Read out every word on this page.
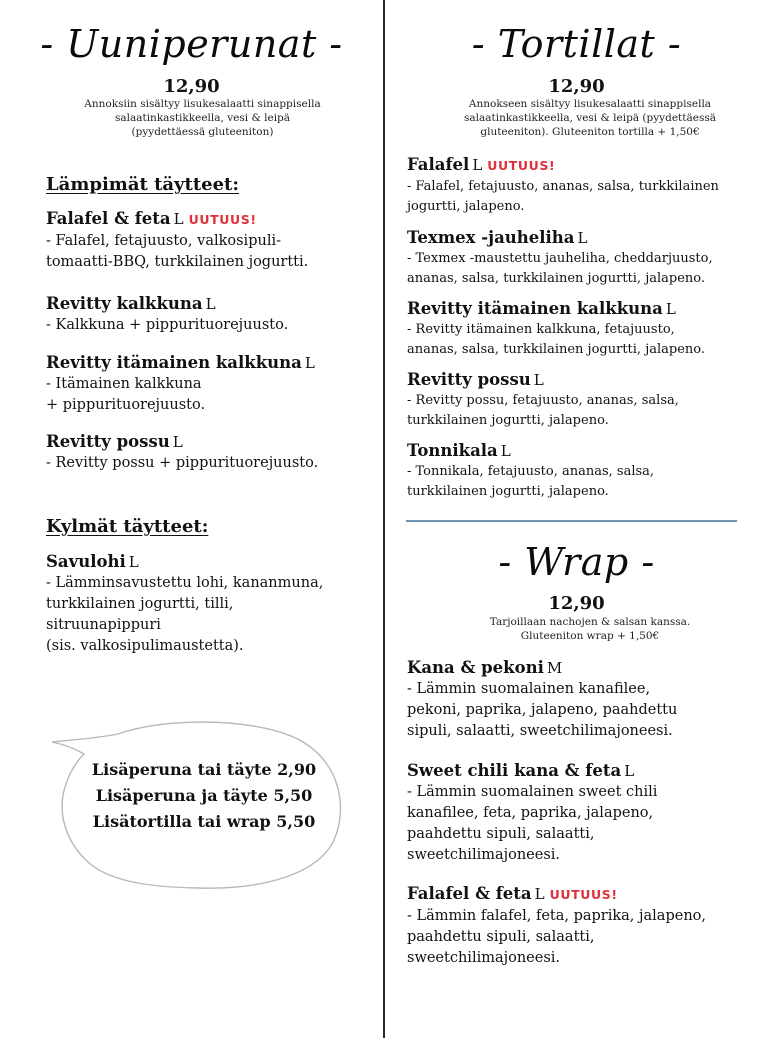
- Uuniperunat -
12,90
Annoksiin sisältyy lisukesalaatti sinappisella
salaatinkastikkeella, vesi & leipä
(pyydettäessä gluteeniton)
Lämpimät täytteet:
Falafel & feta L UUTUUS!
- Falafel, fetajuusto, valkosipuli-
tomaatti-BBQ, turkkilainen jogurtti.
Revitty kalkkuna L
- Kalkkuna + pippurituorejuusto.
Revitty itämainen kalkkuna L
- Itämainen kalkkuna
+ pippurituorejuusto.
Revitty possu L
- Revitty possu + pippurituorejuusto.
Kylmät täytteet:
Savulohi L
- Lämminsavustettu lohi, kananmuna,
turkkilainen jogurtti, tilli,
sitruunapippuri
(sis. valkosipulimaustetta).
Lisäperuna tai täyte 2,90
Lisäperuna ja täyte 5,50
Lisätortilla tai wrap 5,50
- Tortillat -
12,90
Annokseen sisältyy lisukesalaatti sinappisella
salaatinkastikkeella, vesi & leipä (pyydettäessä
gluteeniton). Gluteeniton tortilla + 1,50€
Falafel L UUTUUS!
- Falafel, fetajuusto, ananas, salsa, turkkilainen
jogurtti, jalapeno.
Texmex -jauheliha L
- Texmex -maustettu jauheliha, cheddarjuusto,
ananas, salsa, turkkilainen jogurtti, jalapeno.
Revitty itämainen kalkkuna L
- Revitty itämainen kalkkuna, fetajuusto,
ananas, salsa, turkkilainen jogurtti, jalapeno.
Revitty possu L
- Revitty possu, fetajuusto, ananas, salsa,
turkkilainen jogurtti, jalapeno.
Tonnikala L
- Tonnikala, fetajuusto, ananas, salsa,
turkkilainen jogurtti, jalapeno.
- Wrap -
12,90
Tarjoillaan nachojen & salsan kanssa.
Gluteeniton wrap + 1,50€
Kana & pekoni M
- Lämmin suomalainen kanafilee,
pekoni, paprika, jalapeno, paahdettu
sipuli, salaatti, sweetchilimajoneesi.
Sweet chili kana & feta L
- Lämmin suomalainen sweet chili
kanafilee, feta, paprika, jalapeno,
paahdettu sipuli, salaatti,
sweetchilimajoneesi.
Falafel & feta L UUTUUS!
- Lämmin falafel, feta, paprika, jalapeno,
paahdettu sipuli, salaatti,
sweetchilimajoneesi.
